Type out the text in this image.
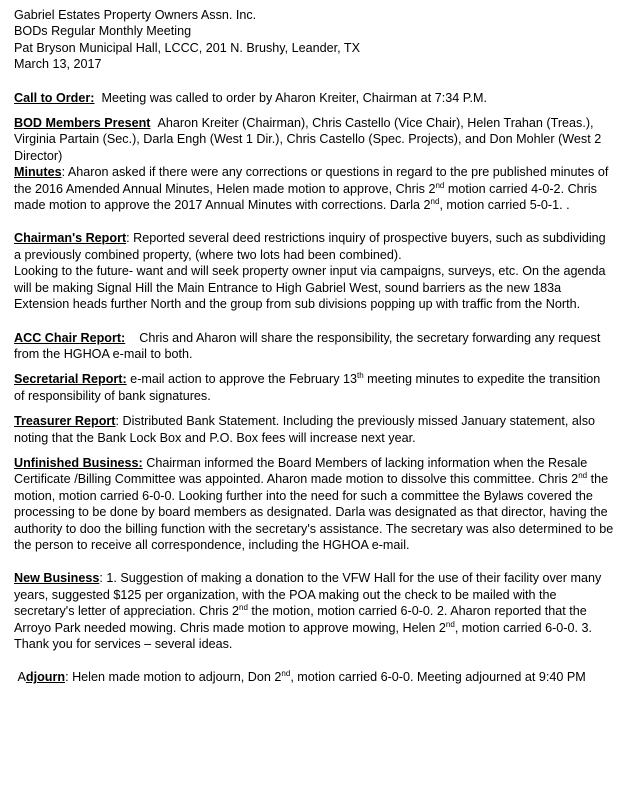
Gabriel Estates Property Owners Assn. Inc.
BODs Regular Monthly Meeting
Pat Bryson Municipal Hall, LCCC, 201 N. Brushy, Leander, TX
March 13, 2017

Call to Order: Meeting was called to order by Aharon Kreiter, Chairman at 7:34 P.M.

BOD Members Present Aharon Kreiter (Chairman), Chris Castello (Vice Chair), Helen Trahan (Treas.), Virginia Partain (Sec.), Darla Engh (West 1 Dir.), Chris Castello (Spec. Projects), and Don Mohler (West 2 Director)

Minutes: Aharon asked if there were any corrections or questions in regard to the pre published minutes of the 2016 Amended Annual Minutes, Helen made motion to approve, Chris 2nd motion carried 4-0-2. Chris made motion to approve the 2017 Annual Minutes with corrections. Darla 2nd, motion carried 5-0-1. .

Chairman's Report: Reported several deed restrictions inquiry of prospective buyers, such as subdividing a previously combined property, (where two lots had been combined).
Looking to the future- want and will seek property owner input via campaigns, surveys, etc. On the agenda will be making Signal Hill the Main Entrance to High Gabriel West, sound barriers as the new 183a Extension heads further North and the group from sub divisions popping up with traffic from the North.

ACC Chair Report: Chris and Aharon will share the responsibility, the secretary forwarding any request from the HGHOA e-mail to both.

Secretarial Report: e-mail action to approve the February 13th meeting minutes to expedite the transition of responsibility of bank signatures.

Treasurer Report: Distributed Bank Statement. Including the previously missed January statement, also noting that the Bank Lock Box and P.O. Box fees will increase next year.

Unfinished Business: Chairman informed the Board Members of lacking information when the Resale Certificate /Billing Committee was appointed. Aharon made motion to dissolve this committee. Chris 2nd the motion, motion carried 6-0-0. Looking further into the need for such a committee the Bylaws covered the processing to be done by board members as designated. Darla was designated as that director, having the authority to doo the billing function with the secretary's assistance. The secretary was also determined to be the person to receive all correspondence, including the HGHOA e-mail.

New Business: 1. Suggestion of making a donation to the VFW Hall for the use of their facility over many years, suggested $125 per organization, with the POA making out the check to be mailed with the secretary's letter of appreciation. Chris 2nd the motion, motion carried 6-0-0. 2. Aharon reported that the Arroyo Park needed mowing. Chris made motion to approve mowing, Helen 2nd, motion carried 6-0-0. 3. Thank you for services – several ideas.

Adjourn: Helen made motion to adjourn, Don 2nd, motion carried 6-0-0. Meeting adjourned at 9:40 PM
